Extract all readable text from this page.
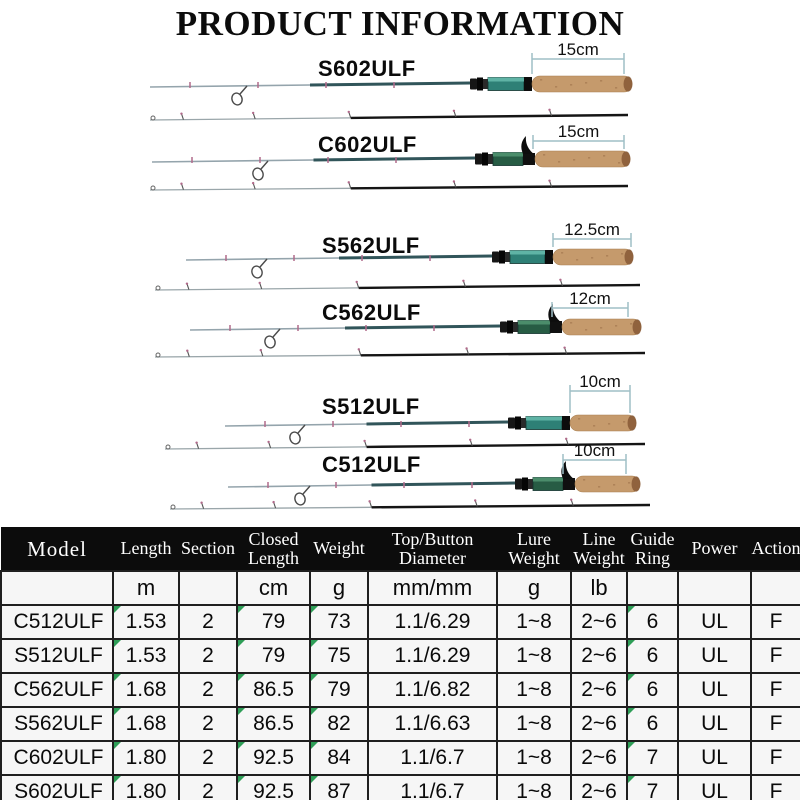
PRODUCT INFORMATION
S602ULF
C602ULF
S562ULF
C562ULF
S512ULF
C512ULF
15cm
15cm
12.5cm
12cm
10cm
10cm
Model	Length	Section	Closed Length	Weight	Top/Button Diameter	Lure Weight	Line Weight	Guide Ring	Power	Action
	m		cm	g	mm/mm	g	lb			
C512ULF	1.53	2	79	73	1.1/6.29	1~8	2~6	6	UL	F
S512ULF	1.53	2	79	75	1.1/6.29	1~8	2~6	6	UL	F
C562ULF	1.68	2	86.5	79	1.1/6.82	1~8	2~6	6	UL	F
S562ULF	1.68	2	86.5	82	1.1/6.63	1~8	2~6	6	UL	F
C602ULF	1.80	2	92.5	84	1.1/6.7	1~8	2~6	7	UL	F
S602ULF	1.80	2	92.5	87	1.1/6.7	1~8	2~6	7	UL	F
